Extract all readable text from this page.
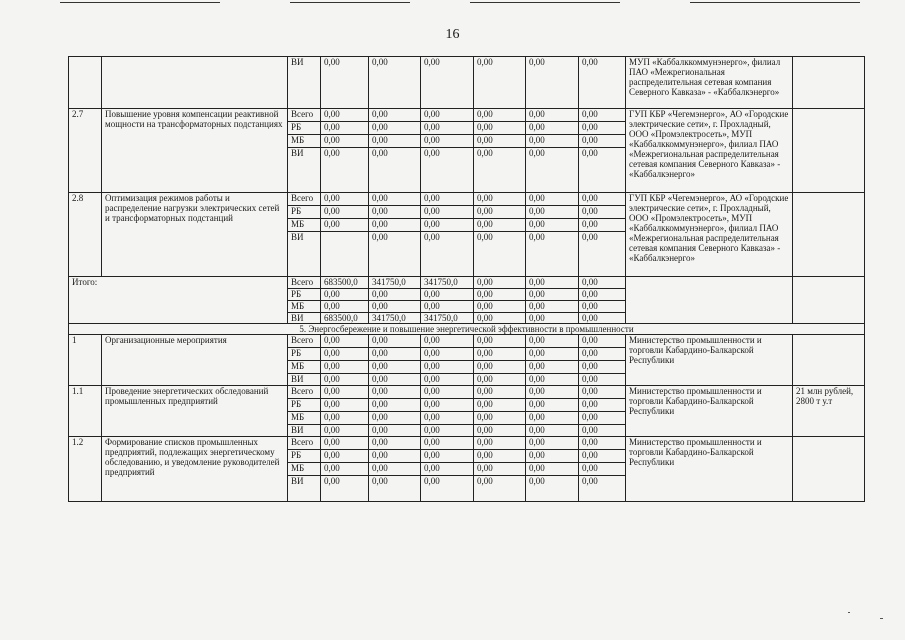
16
		ВИ	0,00	0,00	0,00	0,00	0,00	0,00	МУП «Каббалккоммунэнерго», филиал ПАО «Межрегиональная распределительная сетевая компания Северного Кавказа» - «Каббалкэнерго»	
2.7	Повышение уровня компенсации реактивной мощности на трансформаторных подстанциях	Всего	0,00	0,00	0,00	0,00	0,00	0,00	ГУП КБР «Чегемэнерго», АО «Городские электрические сети», г. Прохладный, ООО «Промэлектросеть», МУП «Каббалккоммунэнерго», филиал ПАО «Межрегиональная распределительная сетевая компания Северного Кавказа» - «Каббалкэнерго»	
		РБ	0,00	0,00	0,00	0,00	0,00	0,00		
		МБ	0,00	0,00	0,00	0,00	0,00	0,00		
		ВИ	0,00	0,00	0,00	0,00	0,00	0,00		
2.8	Оптимизация режимов работы и распределение нагрузки электрических сетей и трансформаторных подстанций	Всего	0,00	0,00	0,00	0,00	0,00	0,00	ГУП КБР «Чегемэнерго», АО «Городские электрические сети», г. Прохладный, ООО «Промэлектросеть», МУП «Каббалккоммунэнерго», филиал ПАО «Межрегиональная распределительная сетевая компания Северного Кавказа» - «Каббалкэнерго»	
		РБ	0,00	0,00	0,00	0,00	0,00	0,00		
		МБ	0,00	0,00	0,00	0,00	0,00	0,00		
		ВИ		0,00	0,00	0,00	0,00	0,00		
Итого:		Всего	683500,0	341750,0	341750,0	0,00	0,00	0,00		
		РБ	0,00	0,00	0,00	0,00	0,00	0,00		
		МБ	0,00	0,00	0,00	0,00	0,00	0,00		
		ВИ	683500,0	341750,0	341750,0	0,00	0,00	0,00		
5. Энергосбережение и повышение энергетической эффективности в промышленности										
1	Организационные мероприятия	Всего	0,00	0,00	0,00	0,00	0,00	0,00	Министерство промышленности и торговли Кабардино-Балкарской Республики	
		РБ	0,00	0,00	0,00	0,00	0,00	0,00		
		МБ	0,00	0,00	0,00	0,00	0,00	0,00		
		ВИ	0,00	0,00	0,00	0,00	0,00	0,00		
1.1	Проведение энергетических обследований промышленных предприятий	Всего	0,00	0,00	0,00	0,00	0,00	0,00	Министерство промышленности и торговли Кабардино-Балкарской Республики	21 млн рублей, 2800 т у.т
		РБ	0,00	0,00	0,00	0,00	0,00	0,00		
		МБ	0,00	0,00	0,00	0,00	0,00	0,00		
		ВИ	0,00	0,00	0,00	0,00	0,00	0,00		
1.2	Формирование списков промышленных предприятий, подлежащих энергетическому обследованию, и уведомление руководителей предприятий	Всего	0,00	0,00	0,00	0,00	0,00	0,00	Министерство промышленности и торговли Кабардино-Балкарской Республики	
		РБ	0,00	0,00	0,00	0,00	0,00	0,00		
		МБ	0,00	0,00	0,00	0,00	0,00	0,00		
		ВИ	0,00	0,00	0,00	0,00	0,00	0,00		
